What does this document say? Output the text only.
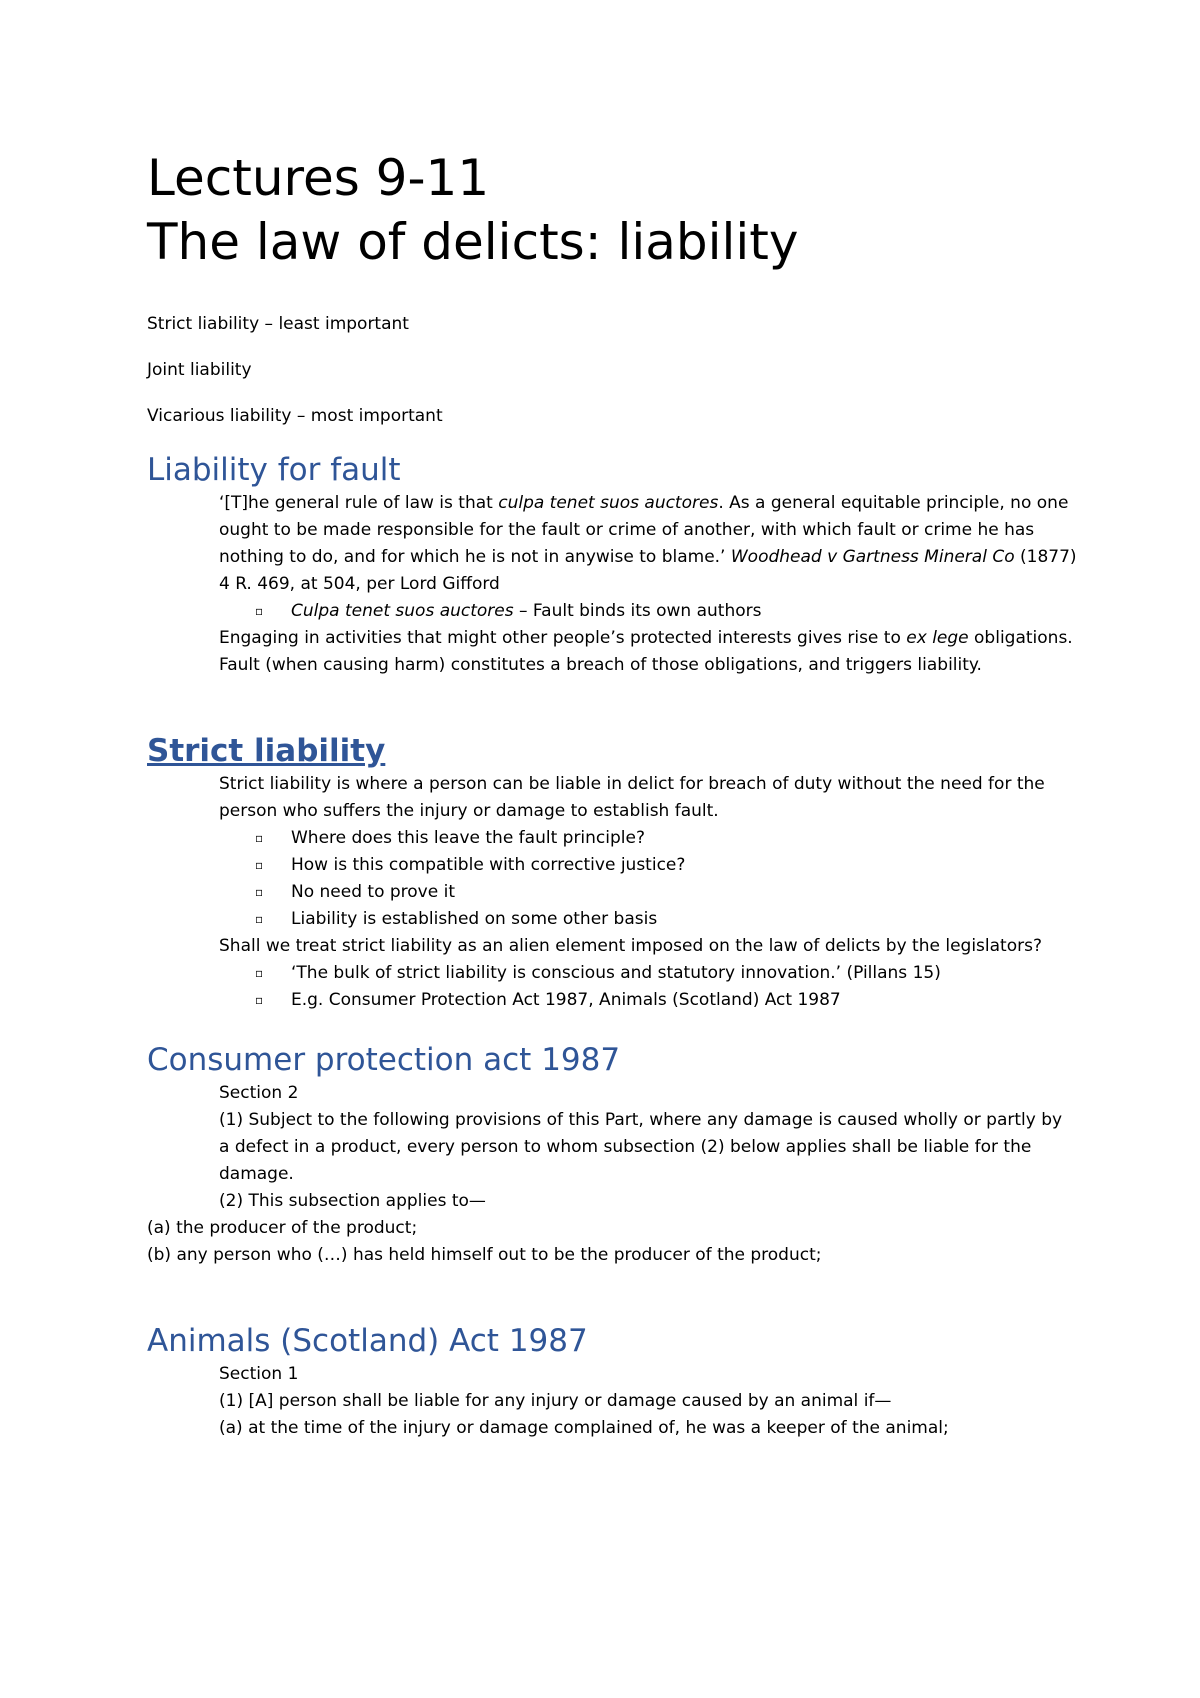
Lectures 9-11
The law of delicts: liability

Strict liability – least important

Joint liability

Vicarious liability – most important

Liability for fault

‘[T]he general rule of law is that culpa tenet suos auctores. As a general equitable principle, no one ought to be made responsible for the fault or crime of another, with which fault or crime he has nothing to do, and for which he is not in anywise to blame.’ Woodhead v Gartness Mineral Co (1877) 4 R. 469, at 504, per Lord Gifford

▫ Culpa tenet suos auctores – Fault binds its own authors

Engaging in activities that might other people’s protected interests gives rise to ex lege obligations.

Fault (when causing harm) constitutes a breach of those obligations, and triggers liability.

Strict liability

Strict liability is where a person can be liable in delict for breach of duty without the need for the person who suffers the injury or damage to establish fault.

▫ Where does this leave the fault principle?
▫ How is this compatible with corrective justice?
▫ No need to prove it
▫ Liability is established on some other basis

Shall we treat strict liability as an alien element imposed on the law of delicts by the legislators?

▫ ‘The bulk of strict liability is conscious and statutory innovation.’ (Pillans 15)
▫ E.g. Consumer Protection Act 1987, Animals (Scotland) Act 1987
Consumer protection act 1987

Section 2

(1) Subject to the following provisions of this Part, where any damage is caused wholly or partly by a defect in a product, every person to whom subsection (2) below applies shall be liable for the damage.

(2) This subsection applies to—

(a) the producer of the product;

(b) any person who (…) has held himself out to be the producer of the product;

Animals (Scotland) Act 1987

Section 1

(1) [A] person shall be liable for any injury or damage caused by an animal if—

(a) at the time of the injury or damage complained of, he was a keeper of the animal;
